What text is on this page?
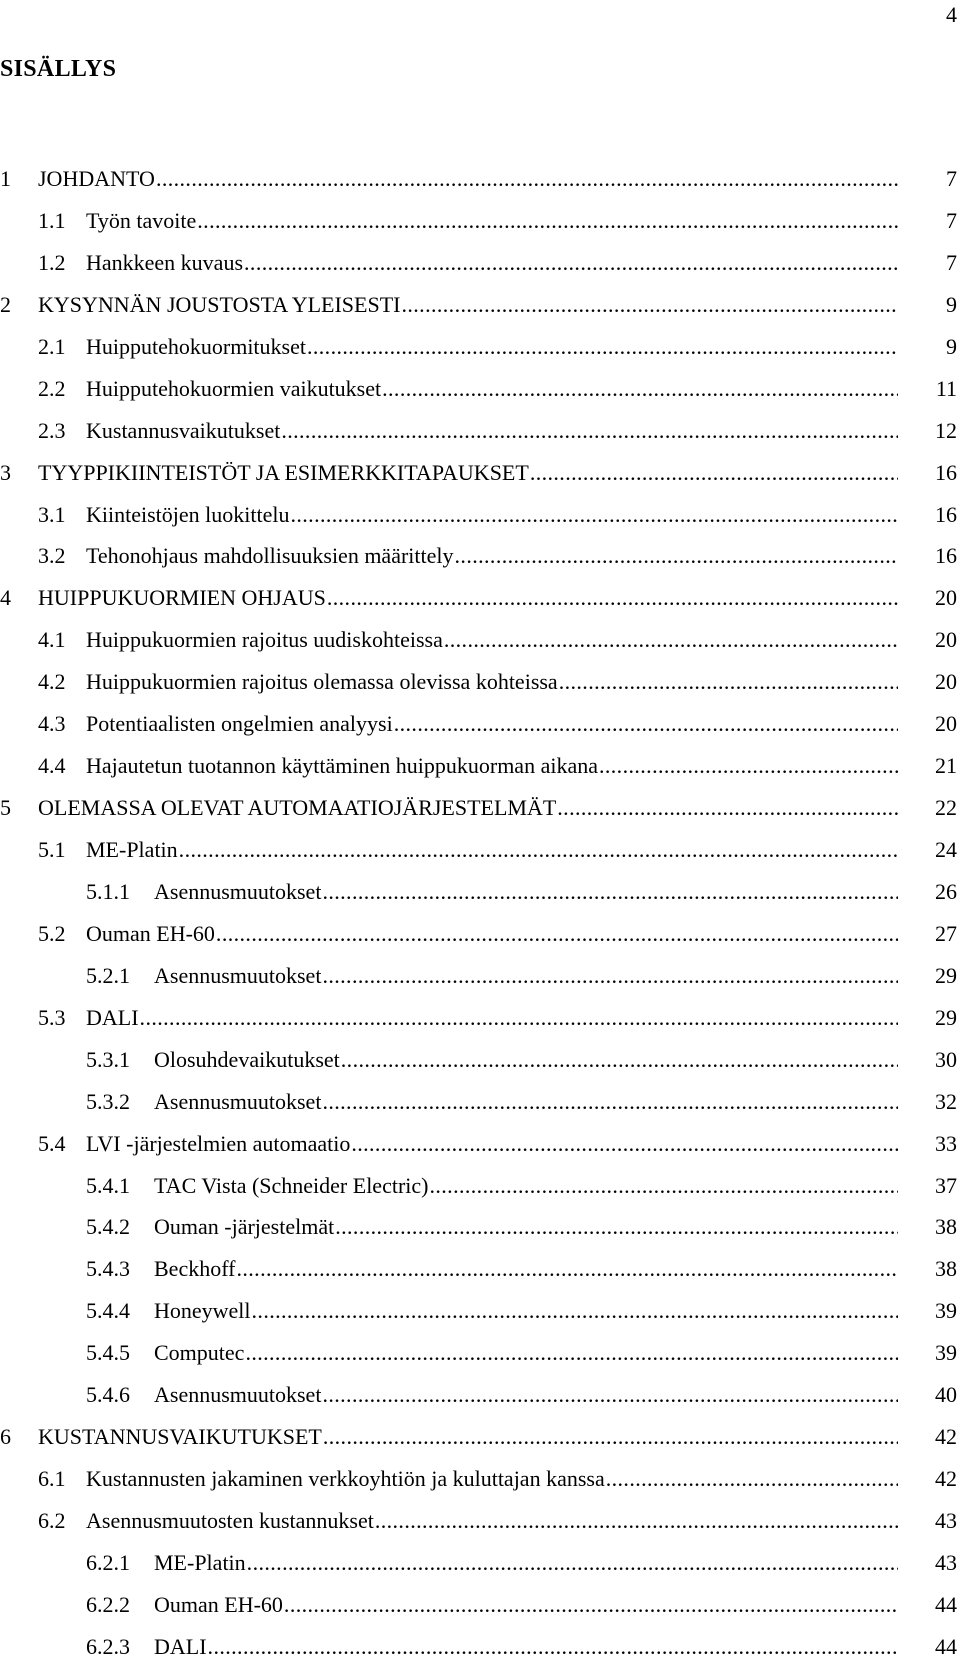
4
SISÄLLYS
1 JOHDANTO .....	7
1.1 Työn tavoite .....	7
1.2 Hankkeen kuvaus .....	7
2 KYSYNNÄN JOUSTOSTA YLEISESTI .....	9
2.1 Huipputehokuormitukset .....	9
2.2 Huipputehokuormien vaikutukset .....	11
2.3 Kustannusvaikutukset .....	12
3 TYYPPIKIINTEISTÖT JA ESIMERKKITAPAUKSET .....	16
3.1 Kiinteistöjen luokittelu .....	16
3.2 Tehonohjaus mahdollisuuksien määrittely .....	16
4 HUIPPUKUORMIEN OHJAUS .....	20
4.1 Huippukuormien rajoitus uudiskohteissa .....	20
4.2 Huippukuormien rajoitus olemassa olevissa kohteissa .....	20
4.3 Potentiaalisten ongelmien analyysi .....	20
4.4 Hajautetun tuotannon käyttäminen huippukuorman aikana .....	21
5 OLEMASSA OLEVAT AUTOMAATIOJÄRJESTELMÄT .....	22
5.1 ME-Platin .....	24
5.1.1 Asennusmuutokset .....	26
5.2 Ouman EH-60 .....	27
5.2.1 Asennusmuutokset .....	29
5.3 DALI .....	29
5.3.1 Olosuhdevaikutukset .....	30
5.3.2 Asennusmuutokset .....	32
5.4 LVI -järjestelmien automaatio .....	33
5.4.1 TAC Vista (Schneider Electric) .....	37
5.4.2 Ouman -järjestelmät .....	38
5.4.3 Beckhoff .....	38
5.4.4 Honeywell .....	39
5.4.5 Computec .....	39
5.4.6 Asennusmuutokset .....	40
6 KUSTANNUSVAIKUTUKSET .....	42
6.1 Kustannusten jakaminen verkkoyhtiön ja kuluttajan kanssa .....	42
6.2 Asennusmuutosten kustannukset .....	43
6.2.1 ME-Platin .....	43
6.2.2 Ouman EH-60 .....	44
6.2.3 DALI .....	44
